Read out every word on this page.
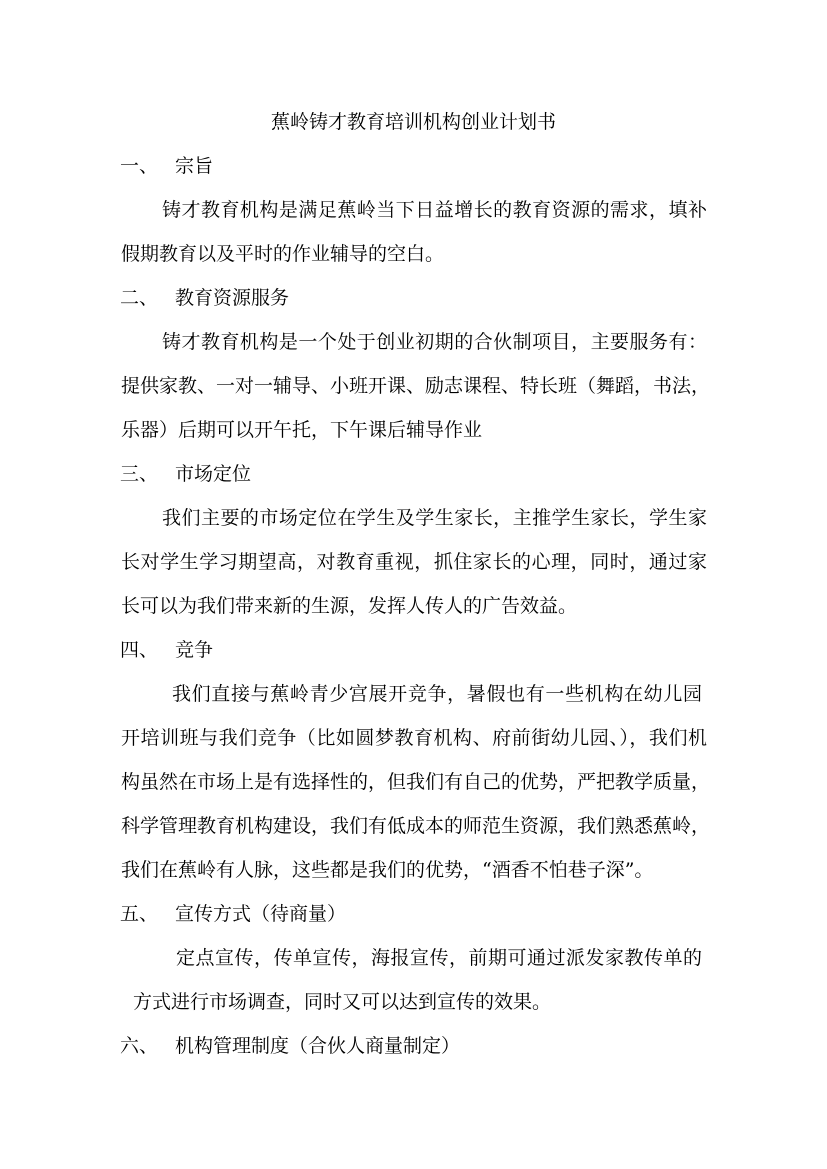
蕉岭铸才教育培训机构创业计划书
一、 宗旨
铸才教育机构是满足蕉岭当下日益增长的教育资源的需求，填补
假期教育以及平时的作业辅导的空白。
二、 教育资源服务
铸才教育机构是一个处于创业初期的合伙制项目，主要服务有：
提供家教、一对一辅导、小班开课、励志课程、特长班（舞蹈，书法，
乐器）后期可以开午托，下午课后辅导作业
三、 市场定位
我们主要的市场定位在学生及学生家长，主推学生家长，学生家
长对学生学习期望高，对教育重视，抓住家长的心理，同时，通过家
长可以为我们带来新的生源，发挥人传人的广告效益。
四、 竞争
我们直接与蕉岭青少宫展开竞争，暑假也有一些机构在幼儿园
开培训班与我们竞争（比如圆梦教育机构、府前街幼儿园、），我们机
构虽然在市场上是有选择性的，但我们有自己的优势，严把教学质量，
科学管理教育机构建设，我们有低成本的师范生资源，我们熟悉蕉岭，
我们在蕉岭有人脉，这些都是我们的优势，“酒香不怕巷子深”。
五、 宣传方式（待商量）
定点宣传，传单宣传，海报宣传，前期可通过派发家教传单的
方式进行市场调查，同时又可以达到宣传的效果。
六、 机构管理制度（合伙人商量制定）
